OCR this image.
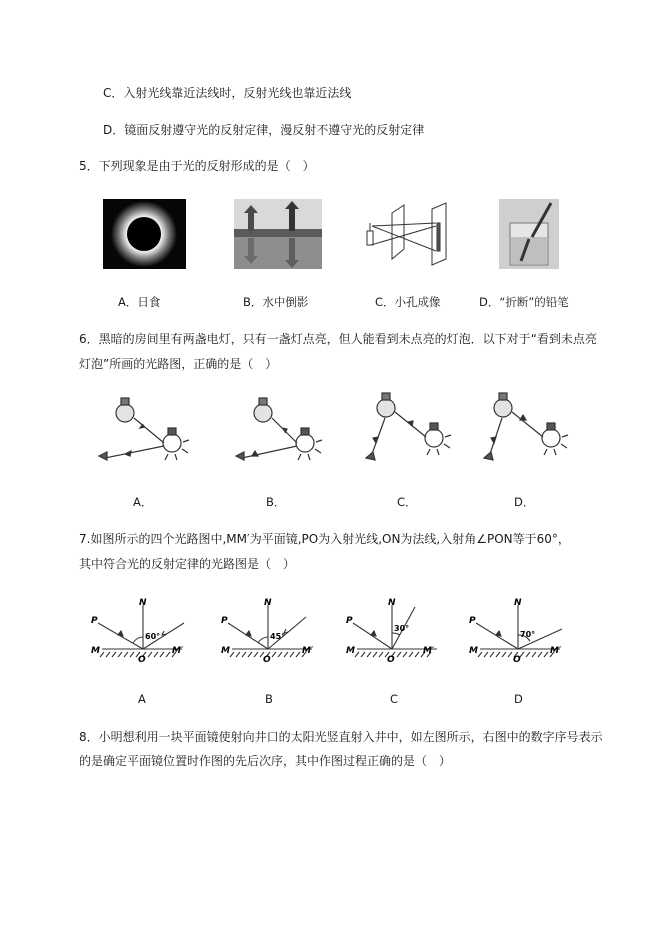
C．入射光线靠近法线时，反射光线也靠近法线
D．镜面反射遵守光的反射定律，漫反射不遵守光的反射定律
5．下列现象是由于光的反射形成的是（　）
A．日食	B．水中倒影	C．小孔成像	D．“折断”的铅笔
6．黑暗的房间里有两盏电灯，只有一盏灯点亮，但人能看到未点亮的灯泡．以下对于“看到未点亮
灯泡”所画的光路图，正确的是（　）
A．	B．	C．	D．
7.如图所示的四个光路图中,MM′为平面镜,PO为入射光线,ON为法线,入射角∠PON等于60°，
其中符合光的反射定律的光路图是（　）
N
P
O
M	M′
60°
N
P
O
M	M′
45°
N
P
O
M	M′
30°
N
P
O
M	M′
70°
A	B	C	D
8．小明想利用一块平面镜使射向井口的太阳光竖直射入井中，如左图所示，右图中的数字序号表示
的是确定平面镜位置时作图的先后次序，其中作图过程正确的是（　）
